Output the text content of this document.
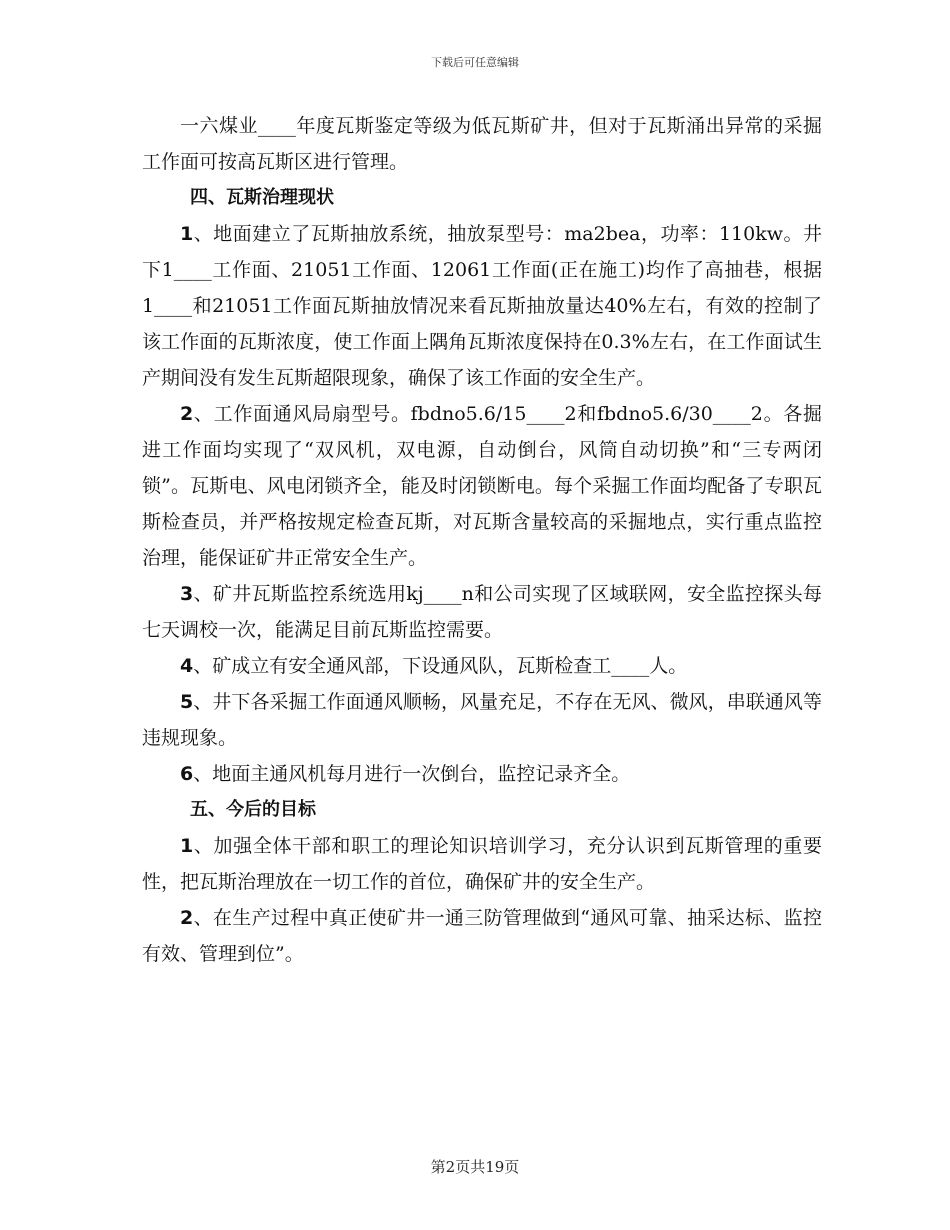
下载后可任意编辑

一六煤业____年度瓦斯鉴定等级为低瓦斯矿井，但对于瓦斯涌出异常的采掘工作面可按高瓦斯区进行管理。

四、瓦斯治理现状

1、地面建立了瓦斯抽放系统，抽放泵型号：ma2bea，功率：110kw。井下1____工作面、21051工作面、12061工作面(正在施工)均作了高抽巷，根据1____和21051工作面瓦斯抽放情况来看瓦斯抽放量达40%左右，有效的控制了该工作面的瓦斯浓度，使工作面上隅角瓦斯浓度保持在0.3%左右，在工作面试生产期间没有发生瓦斯超限现象，确保了该工作面的安全生产。

2、工作面通风局扇型号。fbdno5.6/15____2和fbdno5.6/30____2。各掘进工作面均实现了“双风机，双电源，自动倒台，风筒自动切换”和“三专两闭锁”。瓦斯电、风电闭锁齐全，能及时闭锁断电。每个采掘工作面均配备了专职瓦斯检查员，并严格按规定检查瓦斯，对瓦斯含量较高的采掘地点，实行重点监控治理，能保证矿井正常安全生产。

3、矿井瓦斯监控系统选用kj____n和公司实现了区域联网，安全监控探头每七天调校一次，能满足目前瓦斯监控需要。

4、矿成立有安全通风部，下设通风队，瓦斯检查工____人。

5、井下各采掘工作面通风顺畅，风量充足，不存在无风、微风，串联通风等违规现象。

6、地面主通风机每月进行一次倒台，监控记录齐全。

五、今后的目标

1、加强全体干部和职工的理论知识培训学习，充分认识到瓦斯管理的重要性，把瓦斯治理放在一切工作的首位，确保矿井的安全生产。

2、在生产过程中真正使矿井一通三防管理做到“通风可靠、抽采达标、监控有效、管理到位”。

第2页共19页
